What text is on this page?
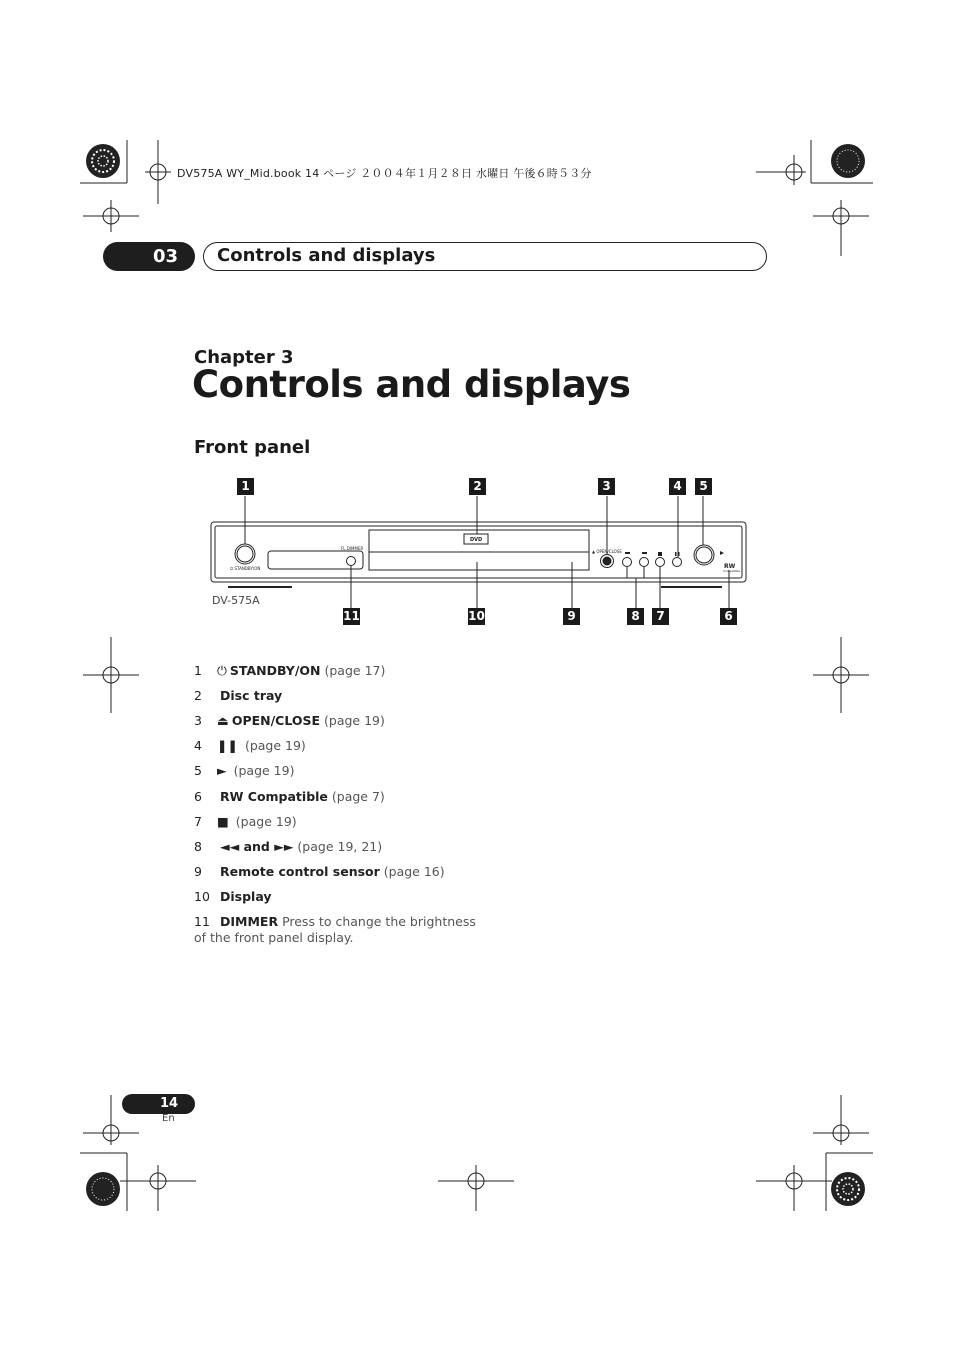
DV575A WY_Mid.book 14 ページ ２００４年１月２８日 水曜日 午後６時５３分
03	Controls and displays
Chapter 3
Controls and displays
Front panel
FL DIMMER
⏻ STANDBY/ON
▲ OPEN/CLOSE
DVD
RW
Compatible
1	2	3	4	5
11	10	9	8	7	6
DV-575A
1 ⏻ STANDBY/ON (page 17)
2 Disc tray
3 ⏏ OPEN/CLOSE (page 19)
4 ❚❚ (page 19)
5 ► (page 19)
6 RW Compatible (page 7)
7 ■ (page 19)
8 ◄◄ and ►► (page 19, 21)
9 Remote control sensor (page 16)
10 Display
11 DIMMER Press to change the brightness of the front panel display.
14
En
